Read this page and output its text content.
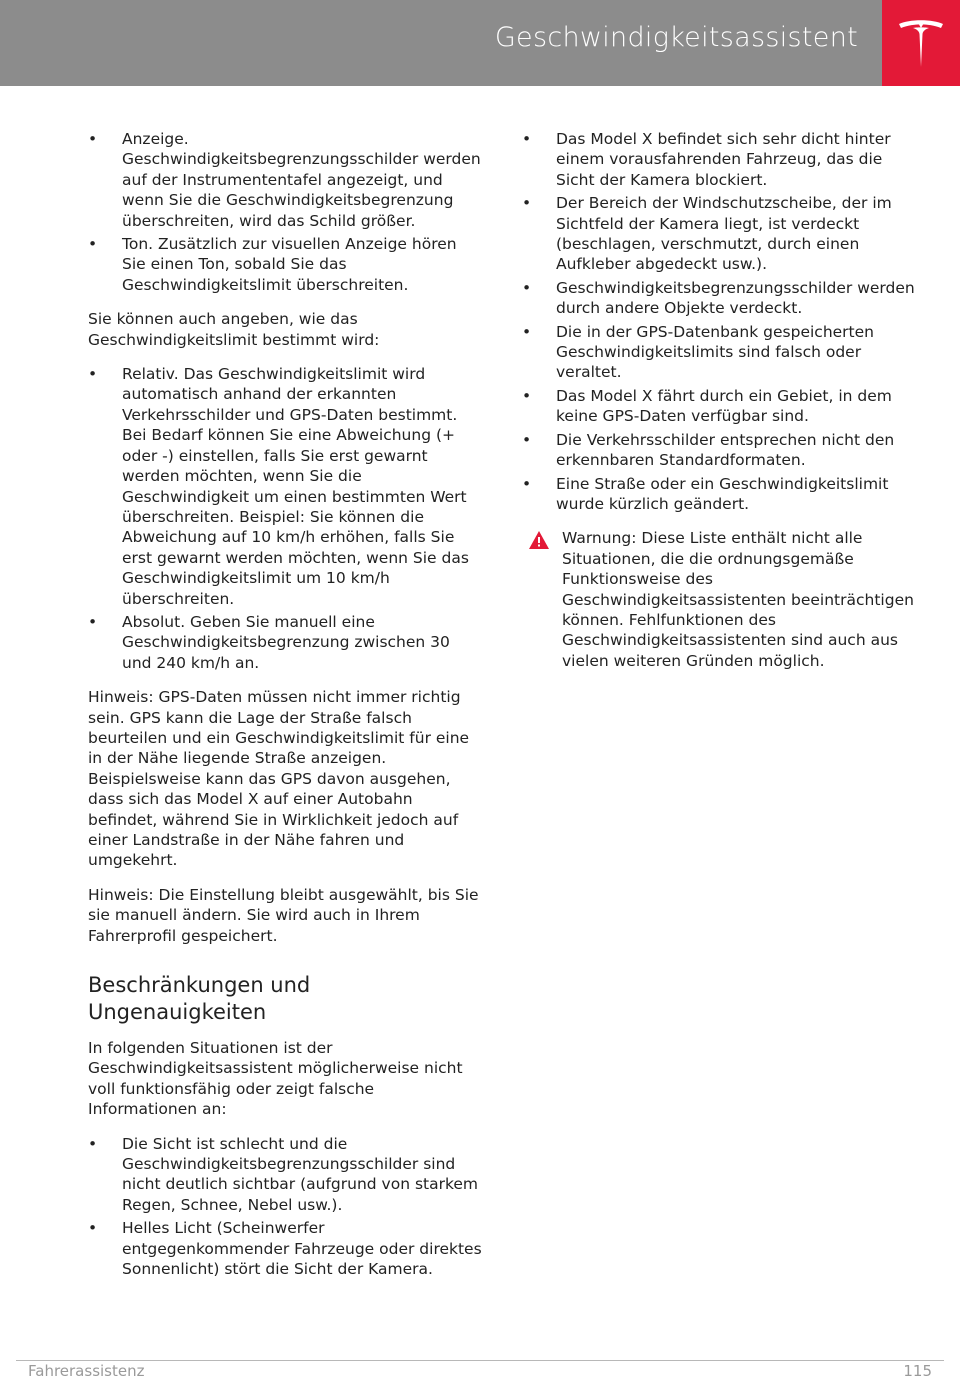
Geschwindigkeitsassistent
• Anzeige. Geschwindigkeitsbegrenzungsschilder werden auf der Instrumententafel angezeigt, und wenn Sie die Geschwindigkeitsbegrenzung überschreiten, wird das Schild größer.
• Ton. Zusätzlich zur visuellen Anzeige hören Sie einen Ton, sobald Sie das Geschwindigkeitslimit überschreiten.

Sie können auch angeben, wie das Geschwindigkeitslimit bestimmt wird:

• Relativ. Das Geschwindigkeitslimit wird automatisch anhand der erkannten Verkehrsschilder und GPS-Daten bestimmt. Bei Bedarf können Sie eine Abweichung (+ oder -) einstellen, falls Sie erst gewarnt werden möchten, wenn Sie die Geschwindigkeit um einen bestimmten Wert überschreiten. Beispiel: Sie können die Abweichung auf 10 km/h erhöhen, falls Sie erst gewarnt werden möchten, wenn Sie das Geschwindigkeitslimit um 10 km/h überschreiten.
• Absolut. Geben Sie manuell eine Geschwindigkeitsbegrenzung zwischen 30 und 240 km/h an.

Hinweis: GPS-Daten müssen nicht immer richtig sein. GPS kann die Lage der Straße falsch beurteilen und ein Geschwindigkeitslimit für eine in der Nähe liegende Straße anzeigen. Beispielsweise kann das GPS davon ausgehen, dass sich das Model X auf einer Autobahn befindet, während Sie in Wirklichkeit jedoch auf einer Landstraße in der Nähe fahren und umgekehrt.

Hinweis: Die Einstellung bleibt ausgewählt, bis Sie sie manuell ändern. Sie wird auch in Ihrem Fahrerprofil gespeichert.

Beschränkungen und Ungenauigkeiten

In folgenden Situationen ist der Geschwindigkeitsassistent möglicherweise nicht voll funktionsfähig oder zeigt falsche Informationen an:

• Die Sicht ist schlecht und die Geschwindigkeitsbegrenzungsschilder sind nicht deutlich sichtbar (aufgrund von starkem Regen, Schnee, Nebel usw.).
• Helles Licht (Scheinwerfer entgegenkommender Fahrzeuge oder direktes Sonnenlicht) stört die Sicht der Kamera.
• Das Model X befindet sich sehr dicht hinter einem vorausfahrenden Fahrzeug, das die Sicht der Kamera blockiert.
• Der Bereich der Windschutzscheibe, der im Sichtfeld der Kamera liegt, ist verdeckt (beschlagen, verschmutzt, durch einen Aufkleber abgedeckt usw.).
• Geschwindigkeitsbegrenzungsschilder werden durch andere Objekte verdeckt.
• Die in der GPS-Datenbank gespeicherten Geschwindigkeitslimits sind falsch oder veraltet.
• Das Model X fährt durch ein Gebiet, in dem keine GPS-Daten verfügbar sind.
• Die Verkehrsschilder entsprechen nicht den erkennbaren Standardformaten.
• Eine Straße oder ein Geschwindigkeitslimit wurde kürzlich geändert.

Warnung: Diese Liste enthält nicht alle Situationen, die die ordnungsgemäße Funktionsweise des Geschwindigkeitsassistenten beeinträchtigen können. Fehlfunktionen des Geschwindigkeitsassistenten sind auch aus vielen weiteren Gründen möglich.

Fahrerassistenz	115
